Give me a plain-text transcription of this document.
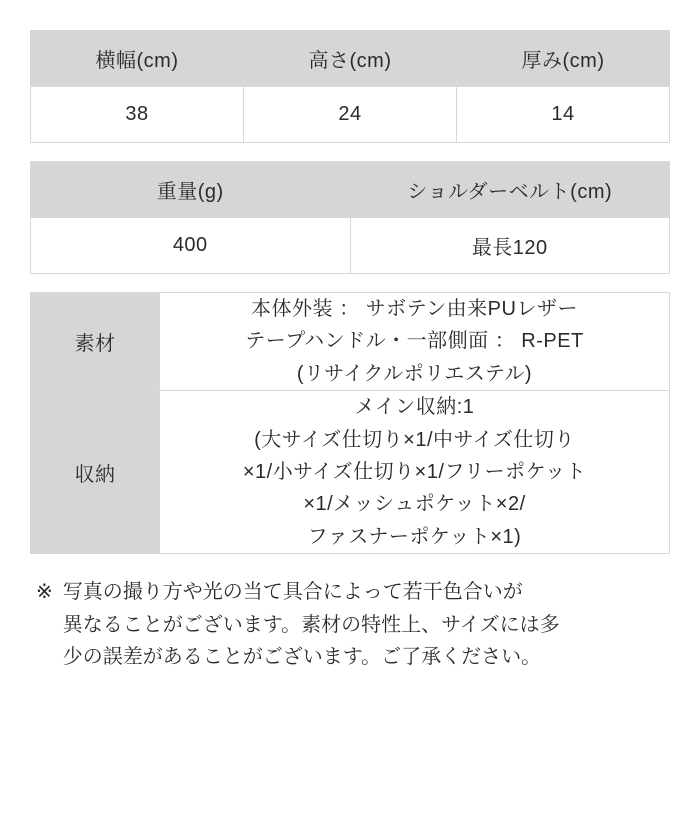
横幅(cm)	高さ(cm)	厚み(cm)
38	24	14
重量(g)	ショルダーベルト(cm)
400	最長120
素材	本体外装 ： サボテン由来PUレザー
テープハンドル・一部側面 ： R-PET
(リサイクルポリエステル)

収納	メイン収納:1
(大サイズ仕切り×1/中サイズ仕切り
×1/小サイズ仕切り×1/フリーポケット
×1/メッシュポケット×2/
ファスナーポケット×1)
※ 写真の撮り方や光の当て具合によって若干色合いが
異なることがございます。素材の特性上、サイズには多
少の誤差があることがございます。ご了承ください。
